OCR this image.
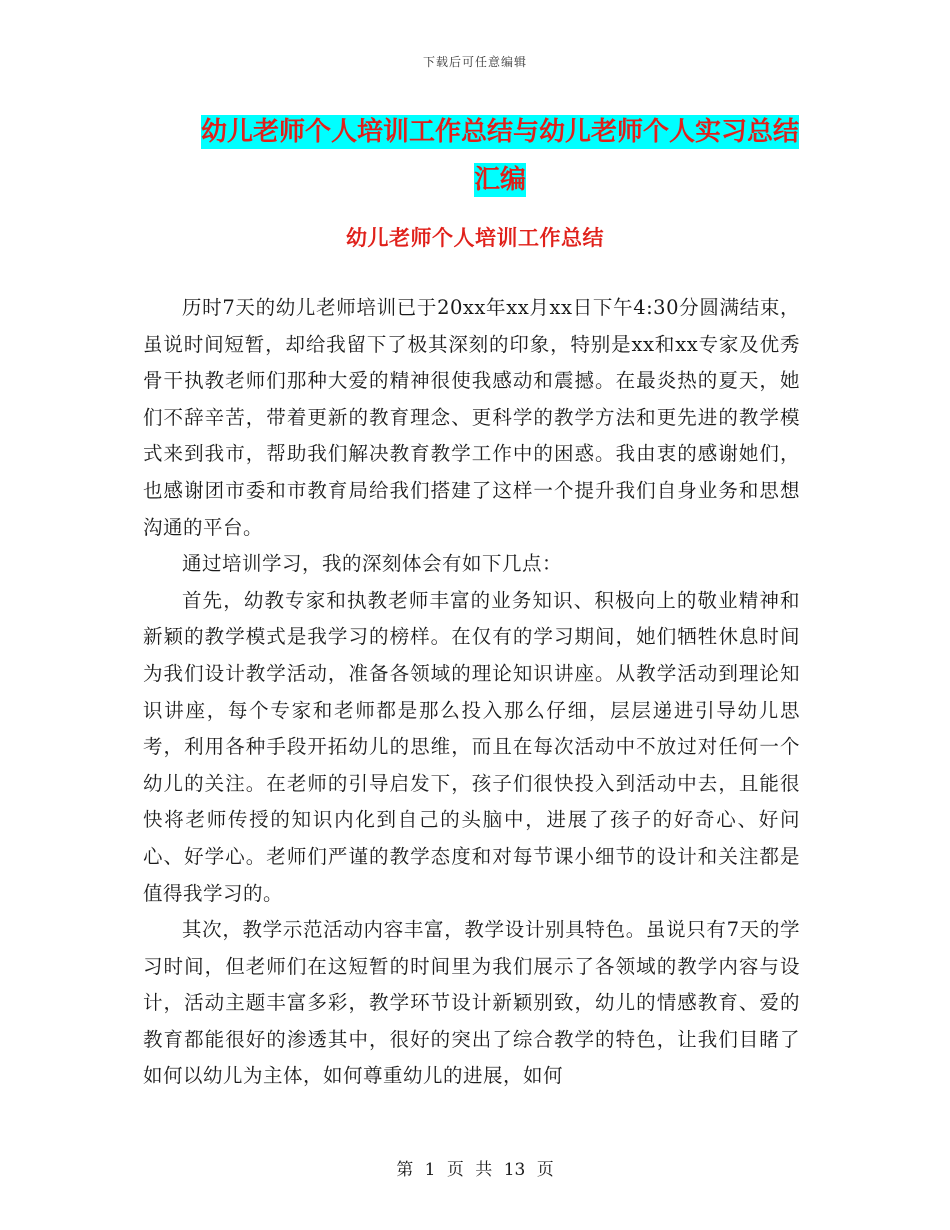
下载后可任意编辑
幼儿老师个人培训工作总结与幼儿老师个人实习总结
汇编
幼儿老师个人培训工作总结

历时7天的幼儿老师培训已于20xx年xx月xx日下午4:30分圆满结束，虽说时间短暂，却给我留下了极其深刻的印象，特别是xx和xx专家及优秀骨干执教老师们那种大爱的精神很使我感动和震撼。在最炎热的夏天，她们不辞辛苦，带着更新的教育理念、更科学的教学方法和更先进的教学模式来到我市，帮助我们解决教育教学工作中的困惑。我由衷的感谢她们，也感谢团市委和市教育局给我们搭建了这样一个提升我们自身业务和思想沟通的平台。

通过培训学习，我的深刻体会有如下几点：

首先，幼教专家和执教老师丰富的业务知识、积极向上的敬业精神和新颖的教学模式是我学习的榜样。在仅有的学习期间，她们牺牲休息时间为我们设计教学活动，准备各领域的理论知识讲座。从教学活动到理论知识讲座，每个专家和老师都是那么投入那么仔细，层层递进引导幼儿思考，利用各种手段开拓幼儿的思维，而且在每次活动中不放过对任何一个幼儿的关注。在老师的引导启发下，孩子们很快投入到活动中去，且能很快将老师传授的知识内化到自己的头脑中，进展了孩子的好奇心、好问心、好学心。老师们严谨的教学态度和对每节课小细节的设计和关注都是值得我学习的。

其次，教学示范活动内容丰富，教学设计别具特色。虽说只有7天的学习时间，但老师们在这短暂的时间里为我们展示了各领域的教学内容与设计，活动主题丰富多彩，教学环节设计新颖别致，幼儿的情感教育、爱的教育都能很好的渗透其中，很好的突出了综合教学的特色，让我们目睹了如何以幼儿为主体，如何尊重幼儿的进展，如何

第 1 页 共 13 页
